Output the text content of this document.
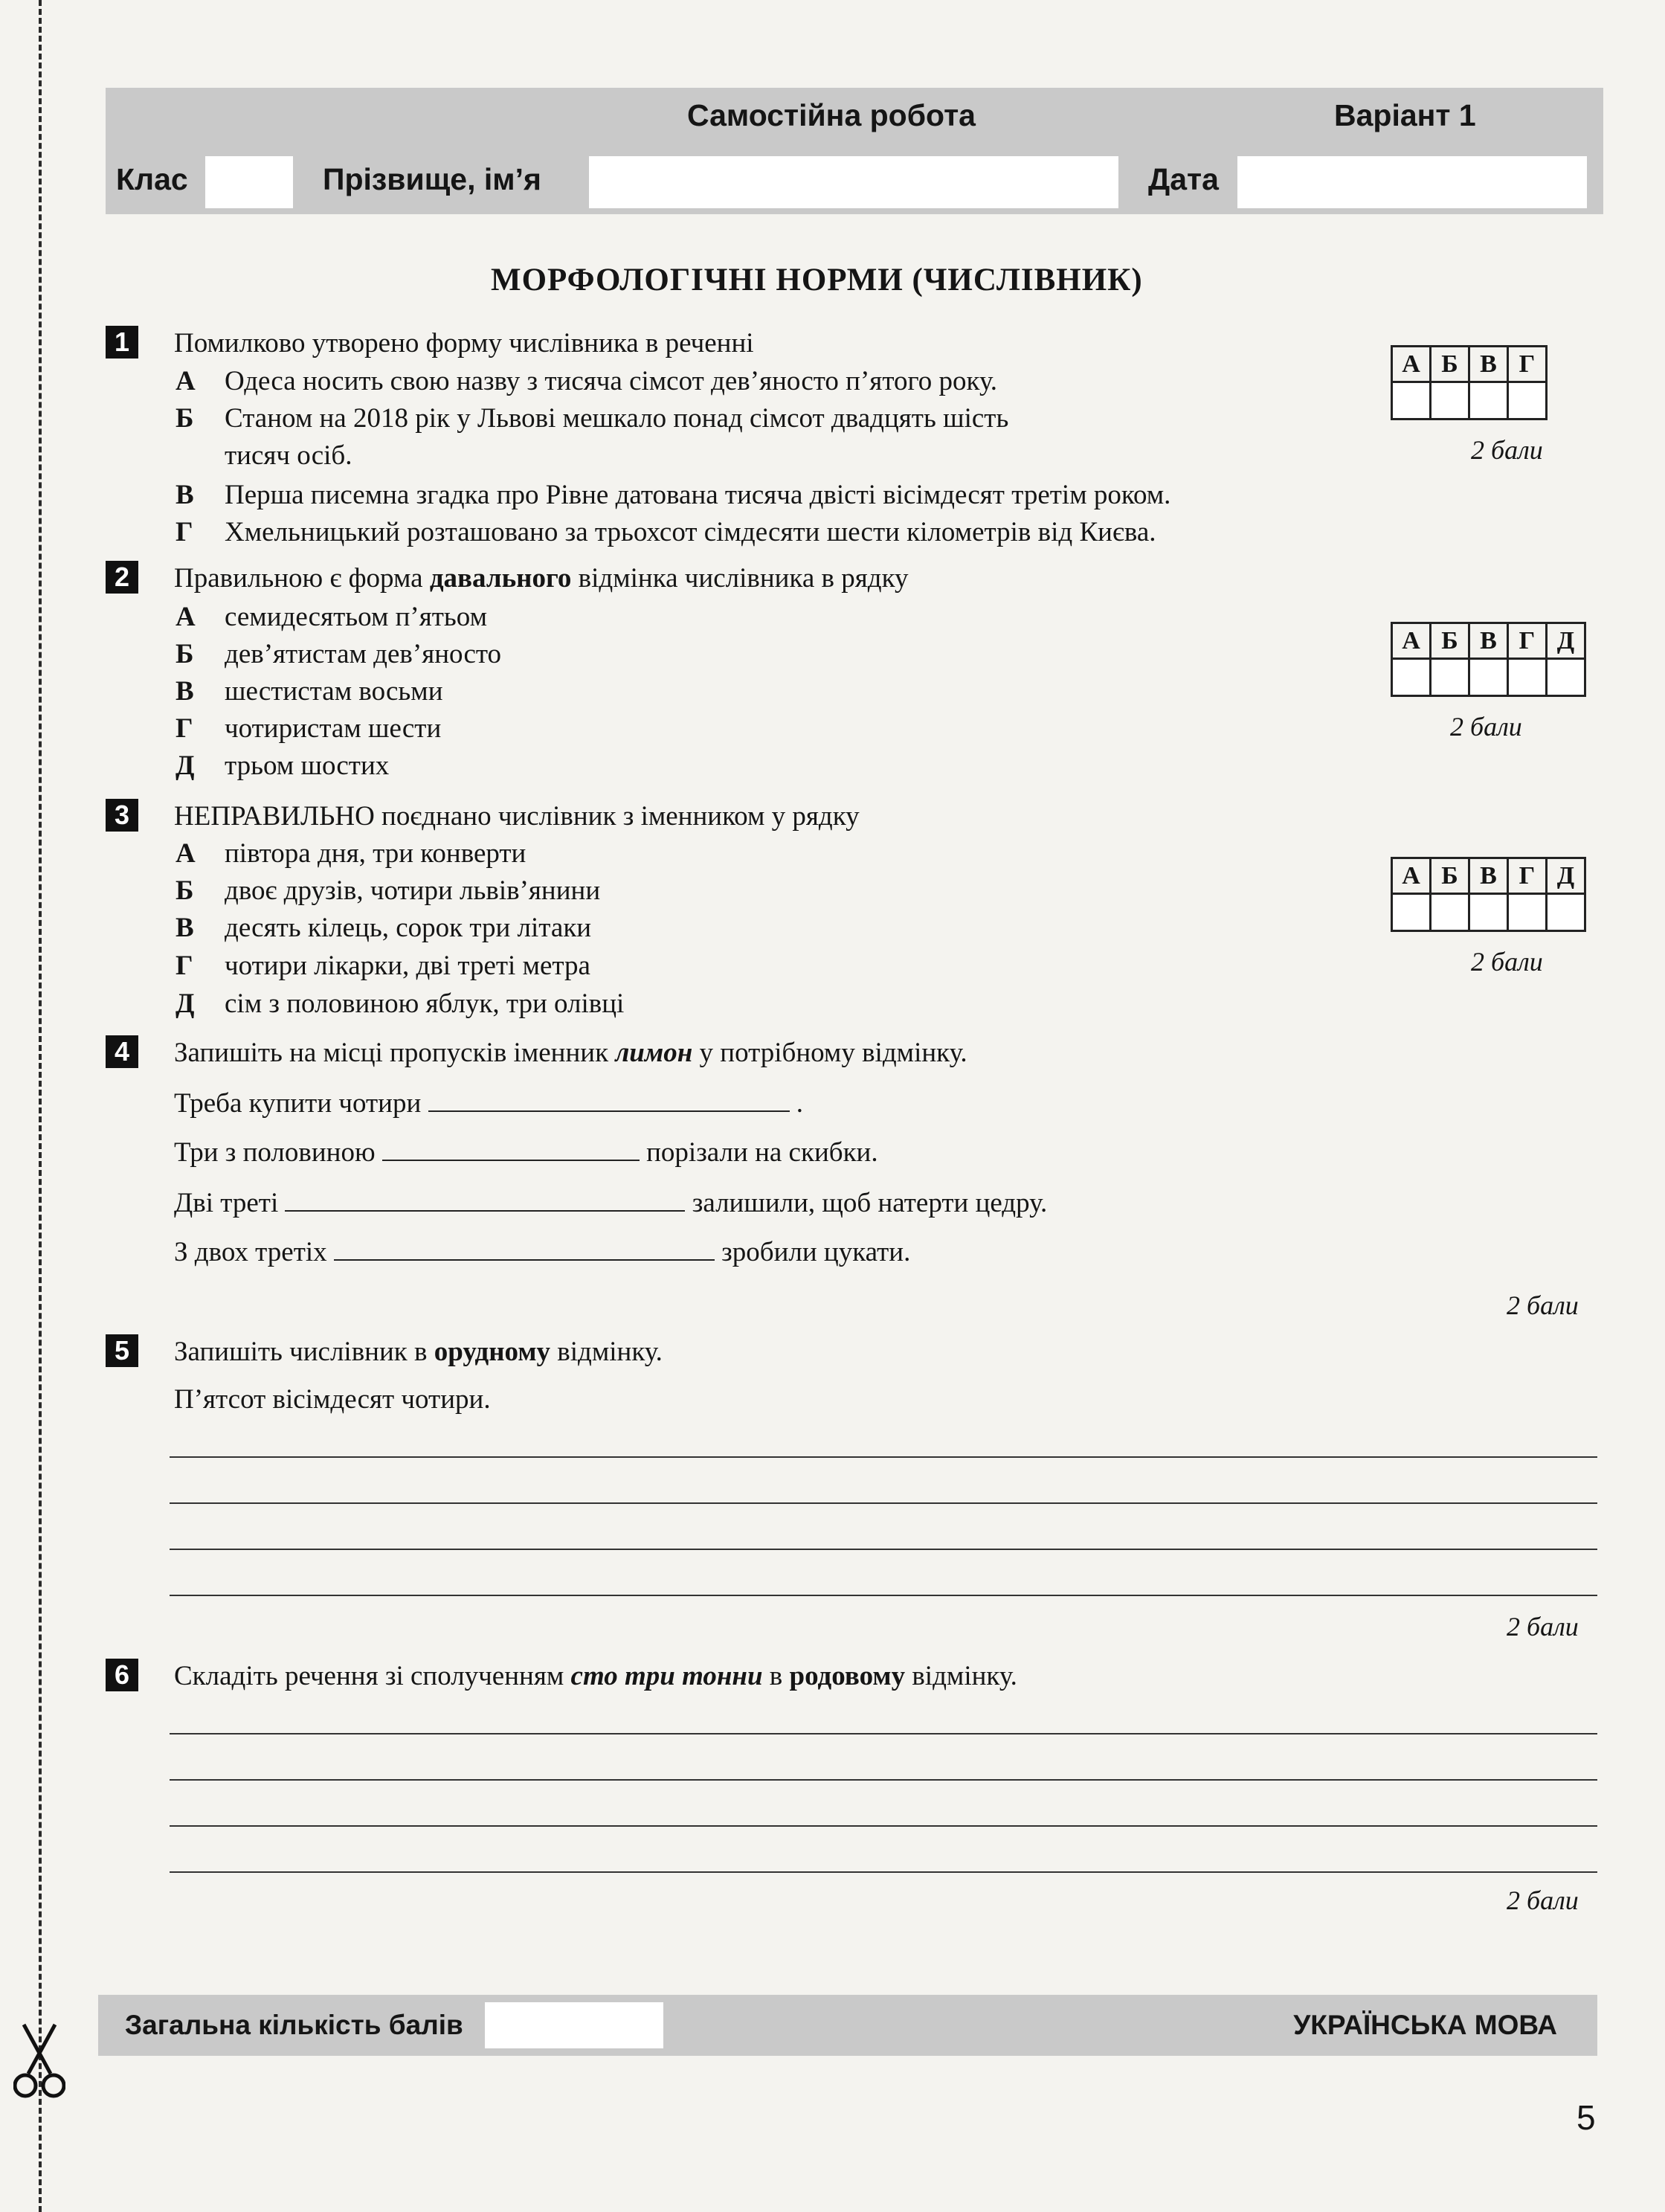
Самостійна робота	Варіант 1
Клас	Прізвище, ім’я	Дата
МОРФОЛОГІЧНІ НОРМИ (ЧИСЛІВНИК)
1	Помилково утворено форму числівника в реченні
А Одеса носить свою назву з тисяча сімсот дев’яносто п’ятого року.
Б Станом на 2018 рік у Львові мешкало понад сімсот двадцять шість
тисяч осіб.
В Перша писемна згадка про Рівне датована тисяча двісті вісімдесят третім роком.
Г Хмельницький розташовано за трьохсот сімдесяти шести кілометрів від Києва.
А	Б	В	Г

2 бали
2	Правильною є форма давального відмінка числівника в рядку
А семидесятьом п’ятьом
Б дев’ятистам дев’яносто
В шестистам восьми
Г чотиристам шести
Д трьом шостих
А	Б	В	Г	Д

2 бали
3	НЕПРАВИЛЬНО поєднано числівник з іменником у рядку
А півтора дня, три конверти
Б двоє друзів, чотири львів’янини
В десять кілець, сорок три літаки
Г чотири лікарки, дві треті метра
Д сім з половиною яблук, три олівці
А	Б	В	Г	Д

2 бали
4	Запишіть на місці пропусків іменник лимон у потрібному відмінку.
Треба купити чотири	.
Три з половиною	порізали на скибки.
Дві треті	залишили, щоб натерти цедру.
З двох третіх	зробили цукати.
2 бали
5	Запишіть числівник в орудному відмінку.
П’ятсот вісімдесят чотири.
2 бали
6	Складіть речення зі сполученням сто три тонни в родовому відмінку.
2 бали
Загальна кількість балів	УКРАЇНСЬКА МОВА
5
